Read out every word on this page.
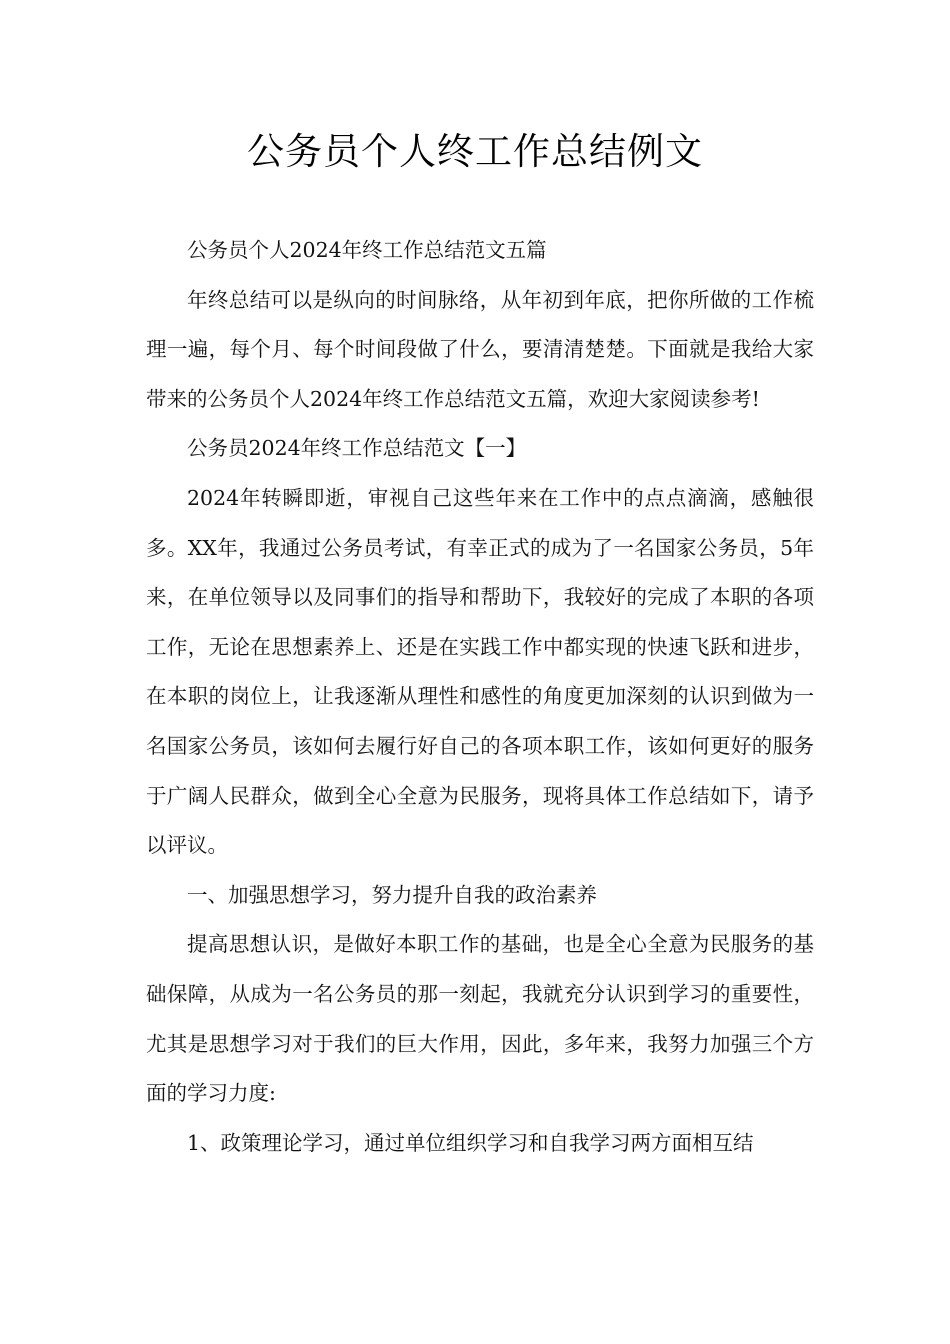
公务员个人终工作总结例文

公务员个人2024年终工作总结范文五篇

年终总结可以是纵向的时间脉络，从年初到年底，把你所做的工作梳理一遍，每个月、每个时间段做了什么，要清清楚楚。下面就是我给大家带来的公务员个人2024年终工作总结范文五篇，欢迎大家阅读参考!

公务员2024年终工作总结范文【一】

2024年转瞬即逝，审视自己这些年来在工作中的点点滴滴，感触很多。XX年，我通过公务员考试，有幸正式的成为了一名国家公务员，5年来，在单位领导以及同事们的指导和帮助下，我较好的完成了本职的各项工作，无论在思想素养上、还是在实践工作中都实现的快速飞跃和进步，在本职的岗位上，让我逐渐从理性和感性的角度更加深刻的认识到做为一名国家公务员，该如何去履行好自己的各项本职工作，该如何更好的服务于广阔人民群众，做到全心全意为民服务，现将具体工作总结如下，请予以评议。

一、加强思想学习，努力提升自我的政治素养

提高思想认识，是做好本职工作的基础，也是全心全意为民服务的基础保障，从成为一名公务员的那一刻起，我就充分认识到学习的重要性，尤其是思想学习对于我们的巨大作用，因此，多年来，我努力加强三个方面的学习力度:

1、政策理论学习，通过单位组织学习和自我学习两方面相互结
